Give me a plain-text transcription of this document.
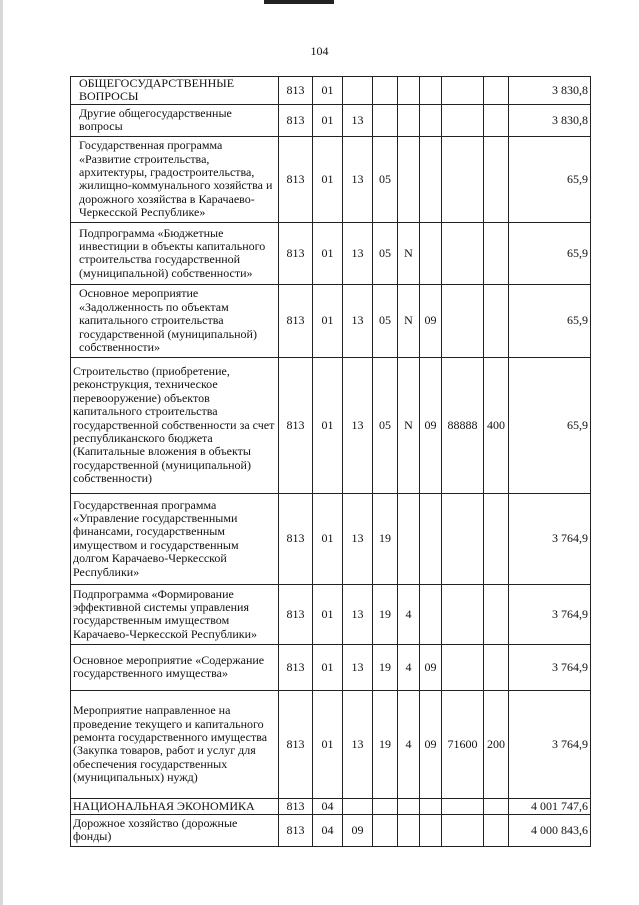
104
ОБЩЕГОСУДАРСТВЕННЫЕ ВОПРОСЫ	813	01							3 830,8
Другие общегосударственные вопросы	813	01	13						3 830,8
Государственная программа «Развитие строительства, архитектуры, градостроительства, жилищно-коммунального хозяйства и дорожного хозяйства в Карачаево-Черкесской Республике»	813	01	13	05					65,9
Подпрограмма «Бюджетные инвестиции в объекты капитального строительства государственной (муниципальной) собственности»	813	01	13	05	N				65,9
Основное мероприятие «Задолженность по объектам капитального строительства государственной (муниципальной) собственности»	813	01	13	05	N	09			65,9
Строительство (приобретение, реконструкция, техническое перевооружение) объектов капитального строительства государственной собственности за счет республиканского бюджета (Капитальные вложения в объекты государственной (муниципальной) собственности)	813	01	13	05	N	09	88888	400	65,9
Государственная программа «Управление государственными финансами, государственным имуществом и государственным долгом Карачаево-Черкесской Республики»	813	01	13	19					3 764,9
Подпрограмма «Формирование эффективной системы управления государственным имуществом Карачаево-Черкесской Республики»	813	01	13	19	4				3 764,9
Основное мероприятие «Содержание государственного имущества»	813	01	13	19	4	09			3 764,9
Мероприятие направленное на проведение текущего и капитального ремонта государственного имущества (Закупка товаров, работ и услуг для обеспечения государственных (муниципальных) нужд)	813	01	13	19	4	09	71600	200	3 764,9
НАЦИОНАЛЬНАЯ ЭКОНОМИКА	813	04							4 001 747,6
Дорожное хозяйство (дорожные фонды)	813	04	09						4 000 843,6
